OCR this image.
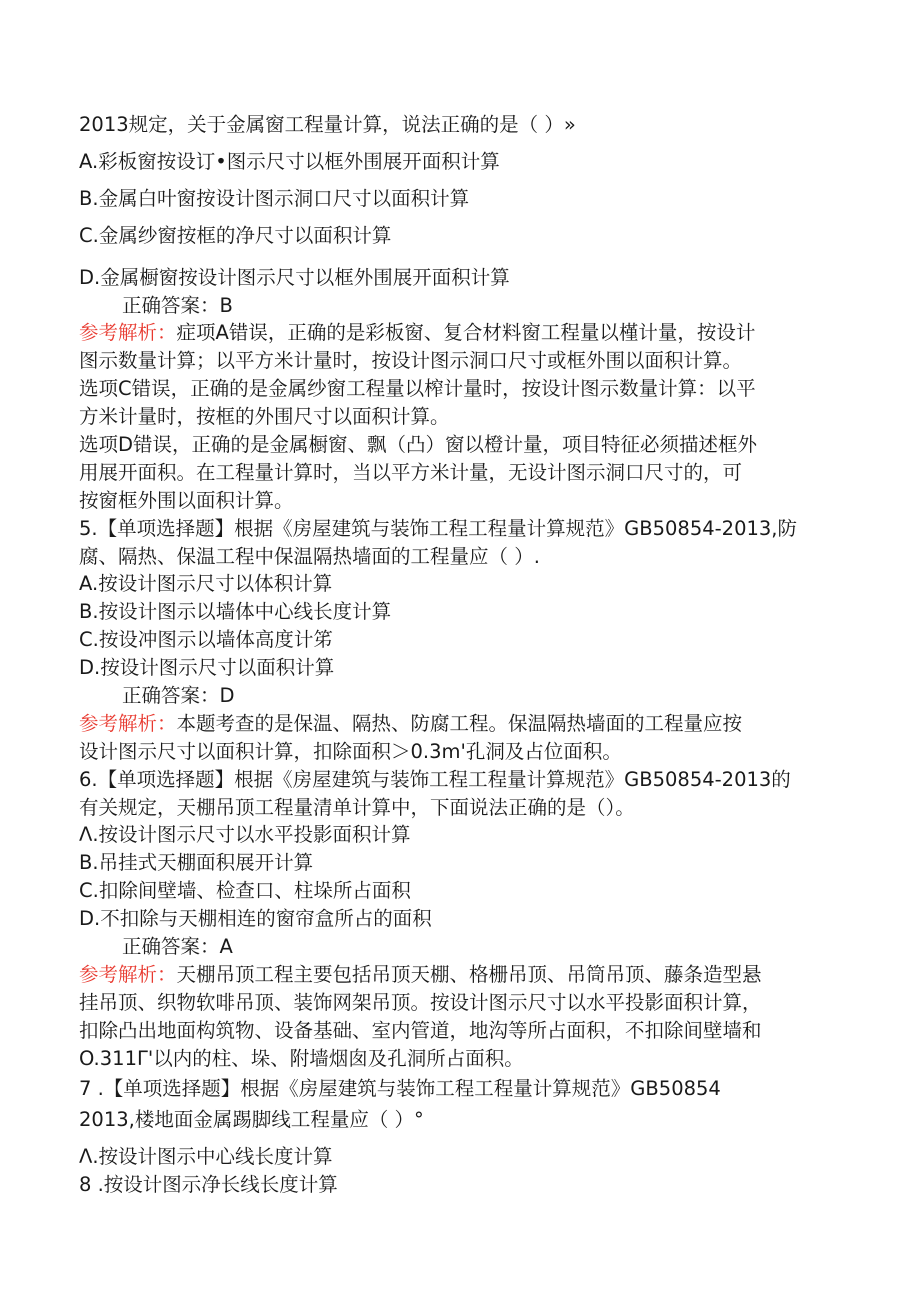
2013规定，关于金属窗工程量计算，说法正确的是（ ）»
A.彩板窗按设订•图示尺寸以框外围展开面积计算
B.金属白叶窗按设计图示洞口尺寸以面积计算
C.金属纱窗按框的净尺寸以面积计算
D.金属橱窗按设计图示尺寸以框外围展开面积计算
正确答案：B
参考解析：症项A错误，正确的是彩板窗、复合材料窗工程量以槿计量，按设计
图示数量计算；以平方米计量时，按设计图示洞口尺寸或框外围以面积计算。
选项C错误，正确的是金属纱窗工程量以榨计量时，按设计图示数量计算：以平
方米计量时，按框的外围尺寸以面积计算。
选项D错误，正确的是金属橱窗、飘（凸）窗以橙计量，项目特征必须描述框外
用展开面积。在工程量计算时，当以平方米计量，无设计图示洞口尺寸的，可
按窗框外围以面积计算。
5.【单项选择题】根据《房屋建筑与装饰工程工程量计算规范》GB50854-2013,防
腐、隔热、保温工程中保温隔热墙面的工程量应（ ）.
A.按设计图示尺寸以体积计算
B.按设计图示以墙体中心线长度计算
C.按设冲图示以墙体高度计笫
D.按设计图示尺寸以面积计算
正确答案：D
参考解析：本题考查的是保温、隔热、防腐工程。保温隔热墙面的工程量应按
设计图示尺寸以面积计算，扣除面积＞0.3m'孔洞及占位面积。
6.【单项选择题】根据《房屋建筑与装饰工程工程量计算规范》GB50854-2013的
有关规定，天棚吊顶工程量清单计算中，下面说法正确的是（）。
Λ.按设计图示尺寸以水平投影面积计算
B.吊挂式天棚面积展开计算
C.扣除间壁墙、检查口、柱垛所占面积
D.不扣除与天棚相连的窗帘盒所占的面积
正确答案：A
参考解析：天棚吊顶工程主要包括吊顶天棚、格栅吊顶、吊筒吊顶、藤条造型悬
挂吊顶、织物软啡吊顶、装饰网架吊顶。按设计图示尺寸以水平投影面积计算，
扣除凸出地面构筑物、设备基础、室内管道，地沟等所占面积，不扣除间壁墙和
O.311Γ'以内的柱、垛、附墙烟囱及孔洞所占面积。
7 .【单项选择题】根据《房屋建筑与装饰工程工程量计算规范》GB50854
2013,楼地面金属踢脚线工程量应（ ）°
Λ.按设计图示中心线长度计算
8 .按设计图示净长线长度计算
